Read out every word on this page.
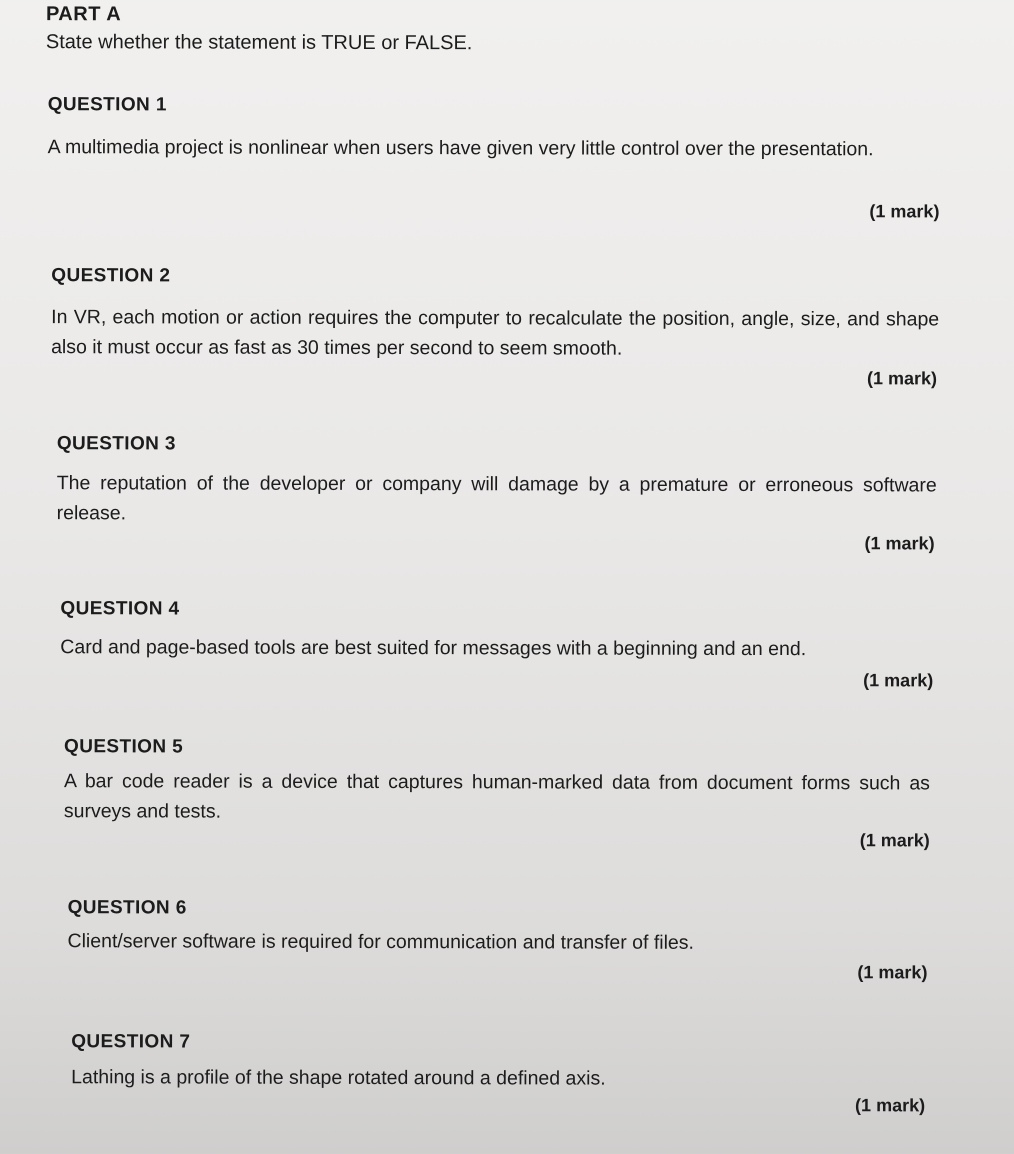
PART A
State whether the statement is TRUE or FALSE.
QUESTION 1
A multimedia project is nonlinear when users have given very little control over the presentation.
(1 mark)
QUESTION 2
In VR, each motion or action requires the computer to recalculate the position, angle, size, and shape also it must occur as fast as 30 times per second to seem smooth.
(1 mark)
QUESTION 3
The reputation of the developer or company will damage by a premature or erroneous software release.
(1 mark)
QUESTION 4
Card and page-based tools are best suited for messages with a beginning and an end.
(1 mark)
QUESTION 5
A bar code reader is a device that captures human-marked data from document forms such as surveys and tests.
(1 mark)
QUESTION 6
Client/server software is required for communication and transfer of files.
(1 mark)
QUESTION 7
Lathing is a profile of the shape rotated around a defined axis.
(1 mark)
